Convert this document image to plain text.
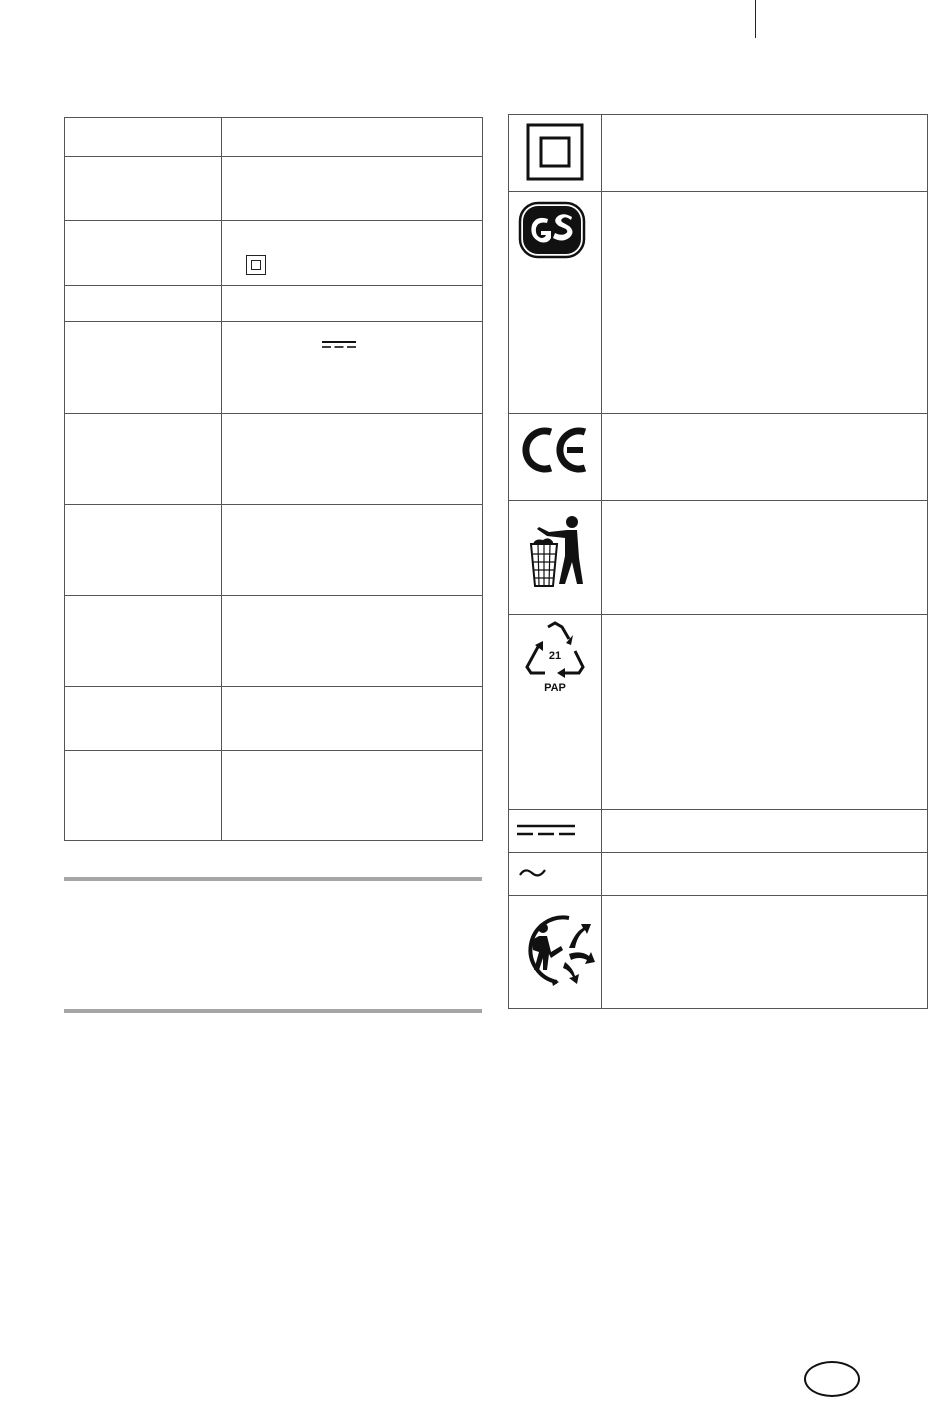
21
PAP	
